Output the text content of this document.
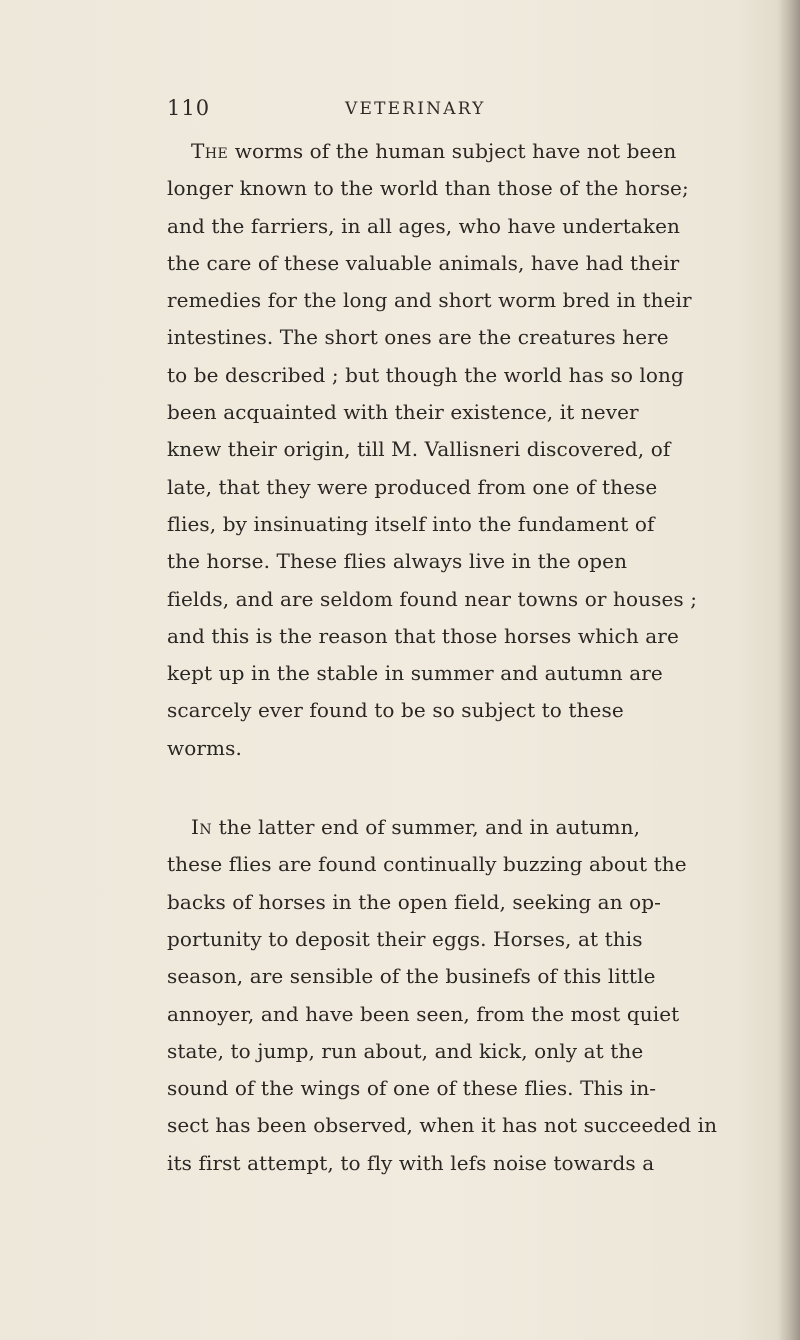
110	VETERINARY
The worms of the human subject have not been
longer known to the world than those of the horse;
and the farriers, in all ages, who have undertaken
the care of these valuable animals, have had their
remedies for the long and short worm bred in their
intestines. The short ones are the creatures here
to be described ; but though the world has so long
been acquainted with their existence, it never
knew their origin, till M. Vallisneri discovered, of
late, that they were produced from one of these
flies, by insinuating itself into the fundament of
the horse. These flies always live in the open
fields, and are seldom found near towns or houses ;
and this is the reason that those horses which are
kept up in the stable in summer and autumn are
scarcely ever found to be so subject to these
worms.
In the latter end of summer, and in autumn,
these flies are found continually buzzing about the
backs of horses in the open field, seeking an op-
portunity to deposit their eggs. Horses, at this
season, are sensible of the businefs of this little
annoyer, and have been seen, from the most quiet
state, to jump, run about, and kick, only at the
sound of the wings of one of these flies. This in-
sect has been observed, when it has not succeeded in
its first attempt, to fly with lefs noise towards a
